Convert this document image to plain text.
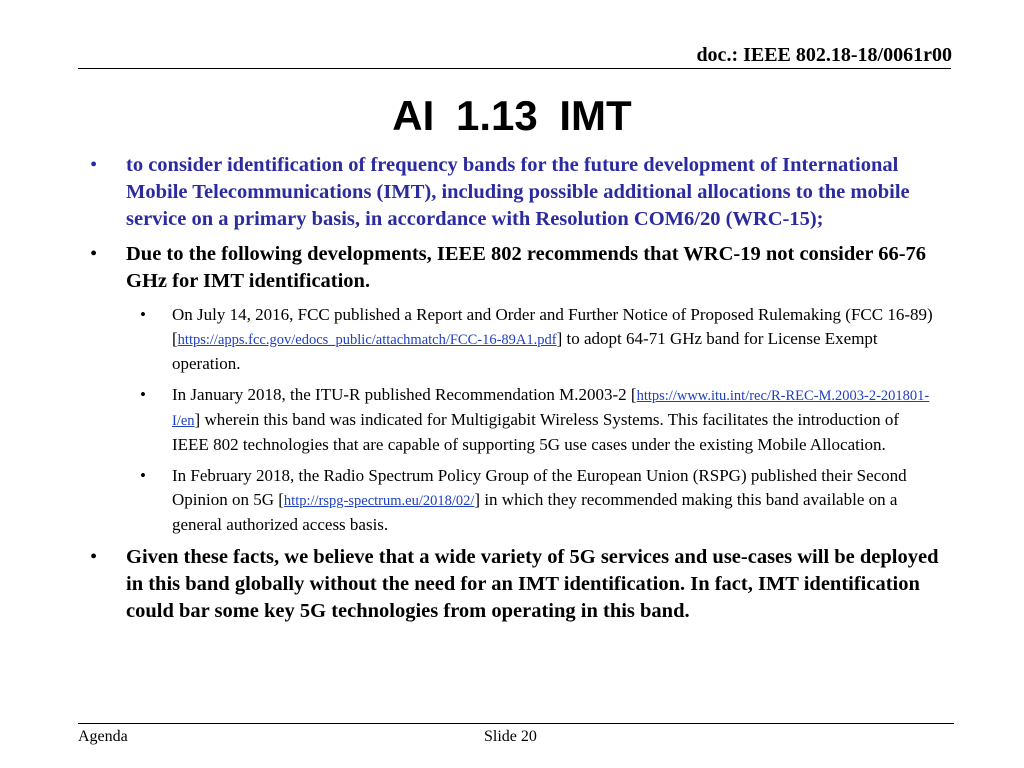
doc.: IEEE 802.18-18/0061r00
AI 1.13 IMT
• to consider identification of frequency bands for the future development of International Mobile Telecommunications (IMT), including possible additional allocations to the mobile service on a primary basis, in accordance with Resolution COM6/20 (WRC-15);
• Due to the following developments, IEEE 802 recommends that WRC-19 not consider 66-76 GHz for IMT identification.
• On July 14, 2016, FCC published a Report and Order and Further Notice of Proposed Rulemaking (FCC 16-89) [https://apps.fcc.gov/edocs_public/attachmatch/FCC-16-89A1.pdf] to adopt 64-71 GHz band for License Exempt operation.
• In January 2018, the ITU-R published Recommendation M.2003-2 [https://www.itu.int/rec/R-REC-M.2003-2-201801-I/en] wherein this band was indicated for Multigigabit Wireless Systems. This facilitates the introduction of IEEE 802 technologies that are capable of supporting 5G use cases under the existing Mobile Allocation.
• In February 2018, the Radio Spectrum Policy Group of the European Union (RSPG) published their Second Opinion on 5G [http://rspg-spectrum.eu/2018/02/] in which they recommended making this band available on a general authorized access basis.
• Given these facts, we believe that a wide variety of 5G services and use-cases will be deployed in this band globally without the need for an IMT identification. In fact, IMT identification could bar some key 5G technologies from operating in this band.
Agenda	Slide 20
